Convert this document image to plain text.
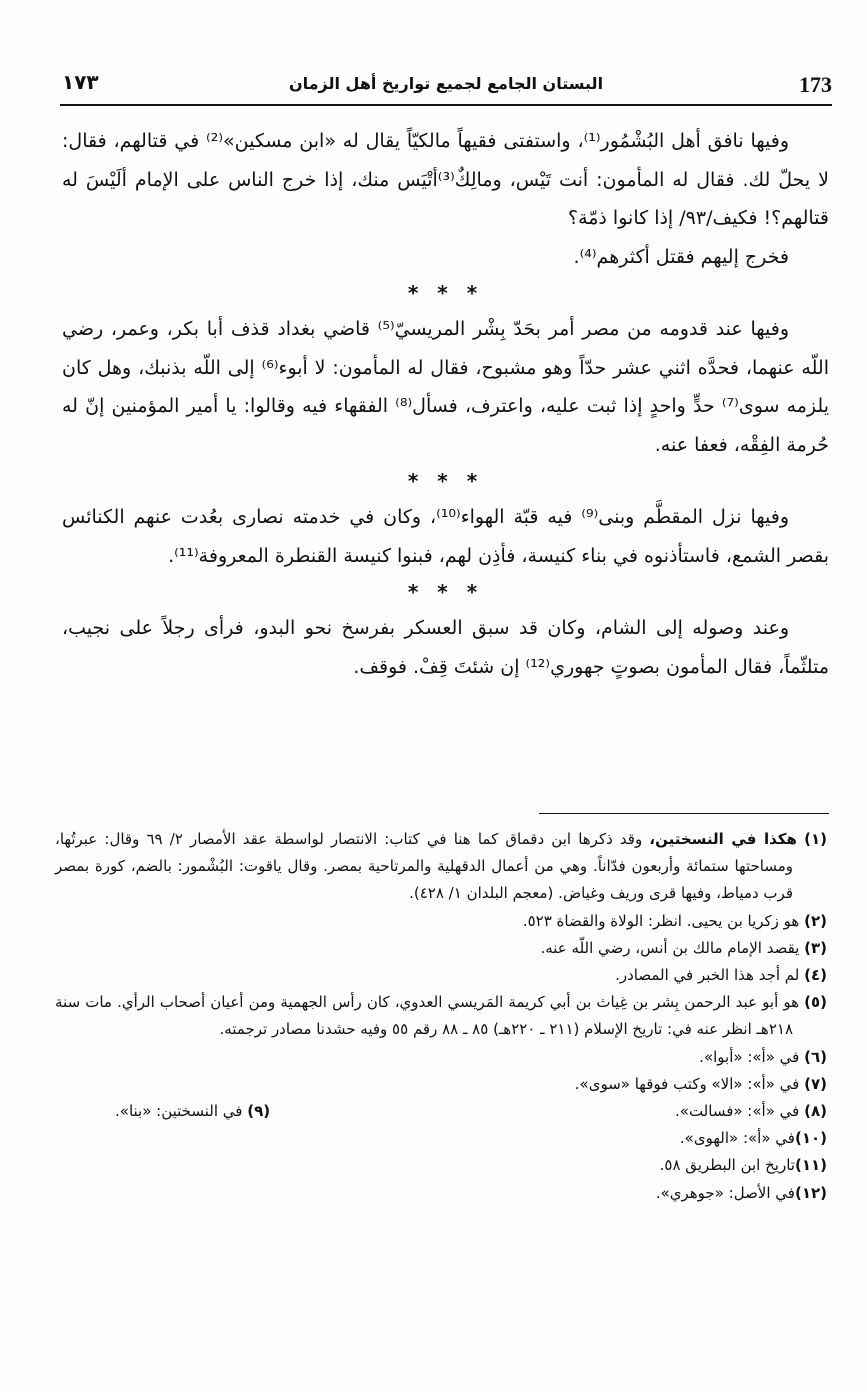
173
البستان الجامع لجميع تواريخ أهل الزمان
١٧٣

وفيها نافق أهل البُشْمُور⁽¹⁾، واستفتى فقيهاً مالكيّاً يقال له «ابن مسكين»⁽²⁾ في قتالهم، فقال: لا يحلّ لك. فقال له المأمون: أنت تَيْس، ومالِكٌ⁽³⁾أتْيَس منك، إذا خرج الناس على الإمام ألَيْسَ له قتالهم؟! فكيف/٩٣/ إذا كانوا ذمّة؟

فخرج إليهم فقتل أكثرهم⁽⁴⁾.

* * *

وفيها عند قدومه من مصر أمر بحَدّ بِشْر المريسيّ⁽⁵⁾ قاضي بغداد قذف أبا بكر، وعمر، رضي اللّه عنهما، فحدَّه اثني عشر حدّاً وهو مشبوح، فقال له المأمون: لا أبوء⁽⁶⁾ إلى اللّه بذنبك، وهل كان يلزمه سوى⁽⁷⁾ حدٍّ واحدٍ إذا ثبت عليه، واعترف، فسأل⁽⁸⁾ الفقهاء فيه وقالوا: يا أمير المؤمنين إنّ له حُرمة الفِقْه، فعفا عنه.

* * *

وفيها نزل المقطَّم وبنى⁽⁹⁾ فيه قبّة الهواء⁽¹⁰⁾، وكان في خدمته نصارى بعُدت عنهم الكنائس بقصر الشمع، فاستأذنوه في بناء كنيسة، فأذِن لهم، فبنوا كنيسة القنطرة المعروفة⁽¹¹⁾.

* * *

وعند وصوله إلى الشام، وكان قد سبق العسكر بفرسخ نحو البدو، فرأى رجلاً على نجيب، متلثّماً، فقال المأمون بصوتٍ جهوري⁽¹²⁾ إن شئتَ قِفْ. فوقف.

(١) هكذا في النسختين، وقد ذكرها ابن دقماق كما هنا في كتاب: الانتصار لواسطة عقد الأمصار ٢/ ٦٩ وقال: عبرتُها، ومساحتها ستمائة وأربعون فدّاناً. وهي من أعمال الدقهلية والمرتاحية بمصر. وقال ياقوت: البُشْمور: بالضم، كورة بمصر قرب دمياط، وفيها قرى وريف وغياض. (معجم البلدان ١/ ٤٢٨).

(٢) هو زكريا بن يحيى. انظر: الولاة والقضاة ٥٢٣.

(٣) يقصد الإمام مالك بن أنس، رضي اللّه عنه.

(٤) لم أجد هذا الخبر في المصادر.

(٥) هو أبو عبد الرحمن بِشر بن غِياث بن أبي كريمة المَريسي العدوي، كان رأس الجهمية ومن أعيان أصحاب الرأي. مات سنة ٢١٨هـ انظر عنه في: تاريخ الإسلام (٢١١ ـ ٢٢٠هـ) ٨٥ ـ ٨٨ رقم ٥٥ وفيه حشدنا مصادر ترجمته.

(٦) في «أ»: «أبوا».

(٧) في «أ»: «الا» وكتب فوقها «سوى».

(٨) في «أ»: «فسالت».

(٩) في النسختين: «بنا».

(١٠)في «أ»: «الهوى».

(١١)تاريخ ابن البطريق ٥٨.

(١٢)في الأصل: «جوهري».
